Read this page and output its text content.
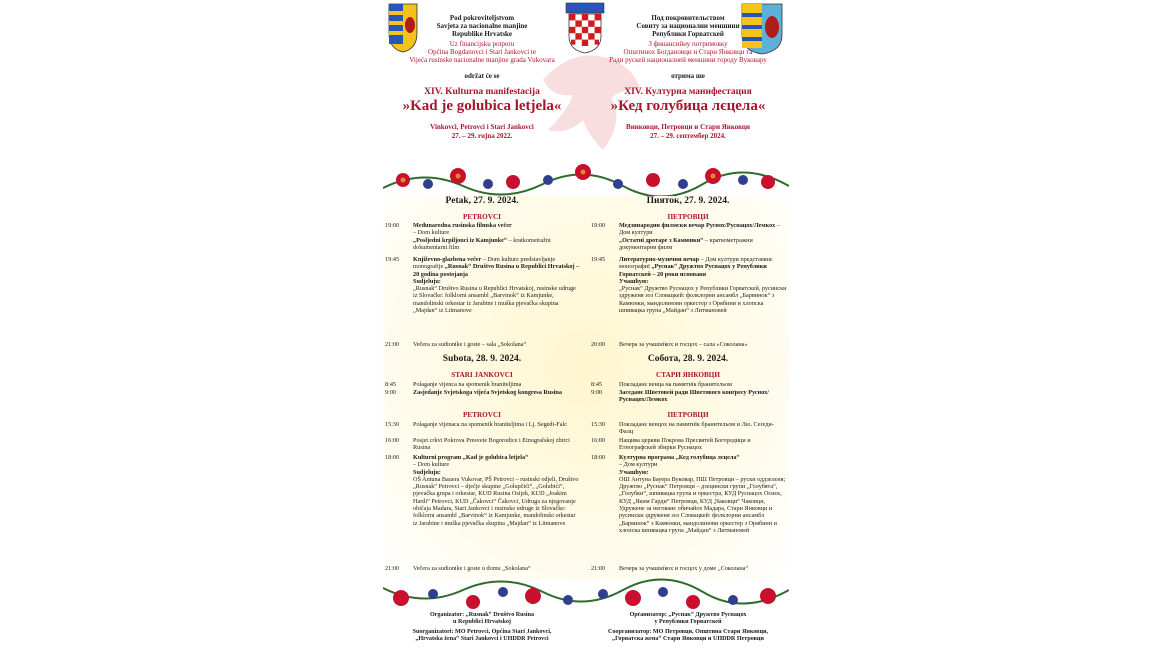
Pod pokroviteljstvom
Savjeta za nacionalne manjine
Republike Hrvatske
Uz financijsku potporu
Općina Bogdanovci i Stari Jankovci te
Vijeća rusinske nacionalne manjine grada Vukovara
održat će se
XIV. Kulturna manifestacija
»Kad je golubica letjela«
Vinkovci, Petrovci i Stari Jankovci
27. – 29. rujna 2022.
Под покровительством
Совиту за национални меншини
Републики Горватскей
З финансийну потримовку
Општинох Богдановци и Стари Янковци та
Ради рускей националней меншини городу Вуковару
отрима ше
XIV. Културна манифестация
»Кед голубица лєцела«
Винковци, Петровци и Стари Янковци
27. – 29. септембер 2024.
Petak, 27. 9. 2024.
PETROVCI
19:00	Međunarodna rusinska filmska večer
– Dom kulture
„Posljedni krpiljonci iz Kamjunke“ – kratkometražni dokumentarni film
19:45	Književno-glazbena večer – Dom kulture predstavljanje monografije „Rusnak“ Društvo Rusina u Republici Hrvatskoj – 20 godina postojanja
Sudjeluju:
„Rusnak“ Društvo Rusina u Republici Hrvatskoj, rusinske udruge iz Slovačke: folklorni ansambl „Barvinok“ iz Kamjunke, mandolinski orkestar iz Jarabine i muška pjevačka skupina „Majdan“ iz Litmanove
21:00	Večera za sudionike i goste – sala „Sokolana“
Subota, 28. 9. 2024.
STARI JANKOVCI
8:45	Polaganje vijenca na spomenik braniteljima
9:00	Zasjedanje Svjetskoga vijeća Svjetskog kongresa Rusina
PETROVCI
15:30	Polaganje vijenaca na spomenik braniteljima i Lj. Segedi-Falc
16:00	Posjet crkvi Pokrova Presvete Bogorodice i Etnografskoj zbirci Rusina
18:00	Kulturni program „Kad je golubica letjela“
– Dom kulture
Sudjeluju:
OŠ Antuna Bauera Vukovar, PŠ Petrovci – rusinski odjeli, Društvo „Rusnak“ Petrovci – dječje skupine „Golupčići“, „Golubići“, pjevačka grupa i orkestar, KUD Rusina Osijek, KUD „Joakim Hardi“ Petrovci, KUD „Čakovci“ Čakovci, Udruga za njegovanje običaja Madara, Stari Jankovci i rusinske udruge iz Slovačke: folklorni ansambl „Barvinok“ iz Kamjunke, mandolinski orkestar iz Jarabine i muška pjevačka skupina „Majdan“ iz Litmanove
21:00	Večera za sudionike i goste u domu „Sokolana“
Пиятoк, 27. 9. 2024.
ПЕТРОВЦИ
19:00	Медзинародни филмски вечар Руснох/Руснацох/Лемкох – Дом култури
„Остатні дротаре з Камюнки“ – краткометражни документарни филм
19:45	Литературно-музични вечар – Дом култури представянє монографиї „Руснак“ Дружтво Руснацох у Републики Горватскей – 20 роки иснованя
Учашћую:
„Руснак“ Дружтво Руснацох у Републики Горватскей, русински здруженя зоз Словацкей: фолклорни ансамбл „Барвинок“ з Камюнки, мандолинови оркестер з Орябини и хлопска шпивацка група „Майдан“ з Литмановей
20:00	Вечера за учашнїкох и госцох – сала »Соколана«
Собота, 28. 9. 2024.
СТАРИ ЯНКОВЦИ
8:45	Покладанє венца на памятнїк бранительом
9:00	Заседанє Шветовей ради Шветового конґресу Руснох/Руснацох/Лемкох
ПЕТРОВЦИ
15:30	Покладанє венцох на памятнїк бранительом и Лю. Сеґеди-Фалц
16:00	Нащива церкви Покрова Пресвятей Богородици и Етнографскей збирки Руснацох
18:00	Културна програма „Кед голубица лєцела“
– Дом култури
Учашћую:
ОШ Антуна Бауера Вуковар, ПШ Петровци – руски оддзелєня; Дружтво „Руснак“ Петровци – дзецински групи „Голубята“, „Голубки“, шпивацка група и оркестра, КУД Руснацох Осиєк, КУД „Яким Гарди“ Петровци, КУД „Чаковци“ Чаковци, Удружене за негованє обичайох Мадара, Стари Янковци и русински здруженя зоз Словацкей: фолклорни ансамбл „Барвинок“ з Камюнки, мандолинови оркестер з Орябини и хлопска шпивацка група „Майдан“ з Литмановей
21:00	Вечера за учашнїкох и госцох у доме „Соколана“
Organizator: „Rusnak“ Društvo Rusina
u Republici Hrvatskoj
Suorganizatori: MO Petrovci, Općina Stari Jankovci,
„Hrvatska žena“ Stari Jankovci i UHDDR Petrovci
Орґанизатор: „Руснак“ Дружтво Руснацох
у Републики Горватскей
Соорганизатор: МО Петровци, Општина Стари Янковци,
„Горватска жена“ Стари Янковци и UHDDR Петровци
